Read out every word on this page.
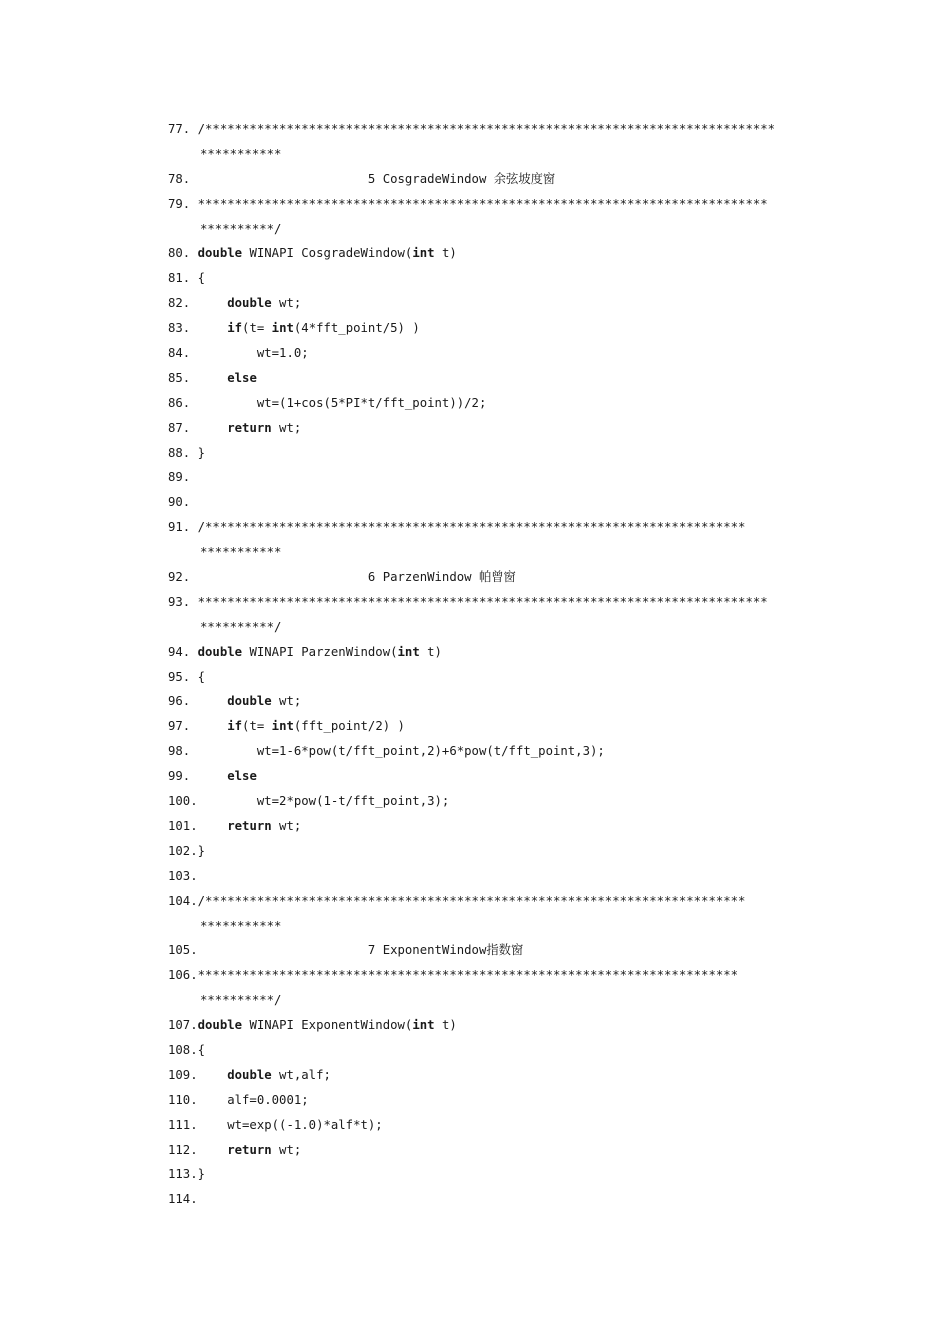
77. /*****************************************************************************
***********
78.                        5 CosgradeWindow 余弦坡度窗
79. *****************************************************************************
**********/
80. double WINAPI CosgradeWindow(int t)
81. {
82.     double wt;
83.     if(t= int(4*fft_point/5) )
84.         wt=1.0;
85.     else
86.         wt=(1+cos(5*PI*t/fft_point))/2;
87.     return wt;
88. }
89.
90.
91. /*************************************************************************
***********
92.                        6 ParzenWindow 帕曾窗
93. *****************************************************************************
**********/
94. double WINAPI ParzenWindow(int t)
95. {
96.     double wt;
97.     if(t= int(fft_point/2) )
98.         wt=1-6*pow(t/fft_point,2)+6*pow(t/fft_point,3);
99.     else
100.        wt=2*pow(1-t/fft_point,3);
101.    return wt;
102.}
103.
104./*************************************************************************
***********
105.                       7 ExponentWindow指数窗
106.*************************************************************************
**********/
107.double WINAPI ExponentWindow(int t)
108.{
109.    double wt,alf;
110.    alf=0.0001;
111.    wt=exp((-1.0)*alf*t);
112.    return wt;
113.}
114.
